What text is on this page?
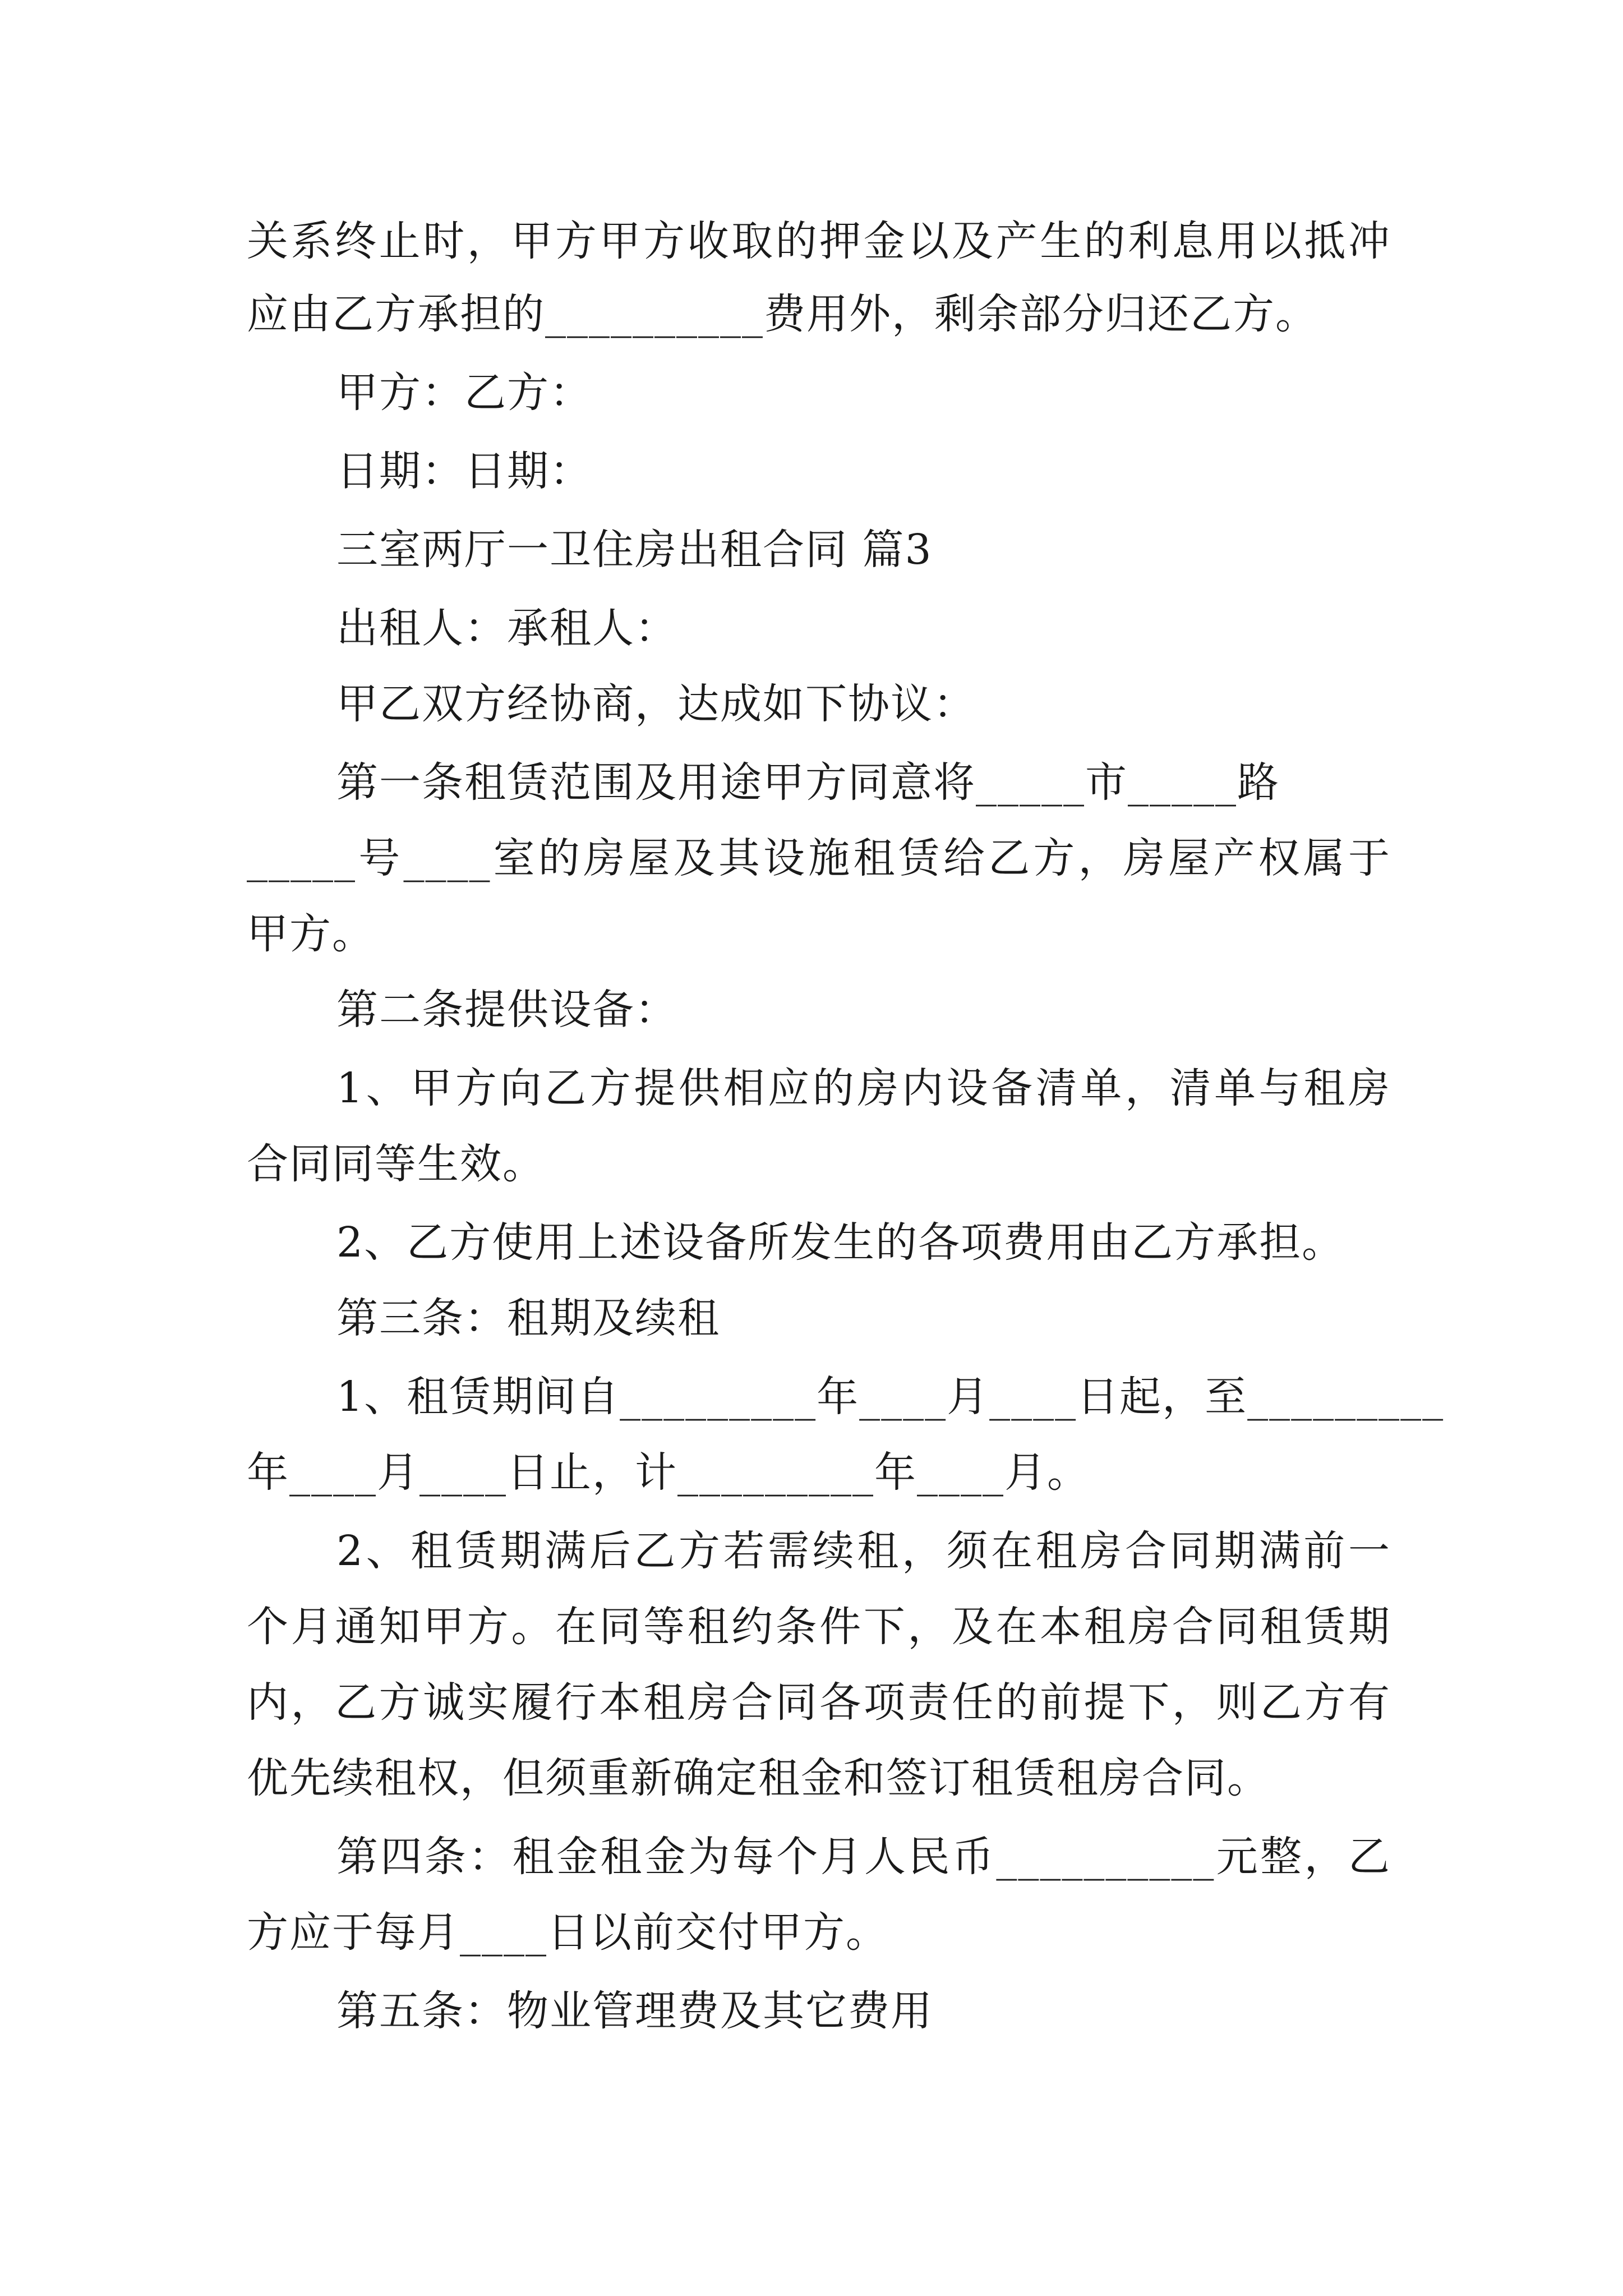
关系终止时，甲方甲方收取的押金以及产生的利息用以抵冲
应由乙方承担的__________费用外，剩余部分归还乙方。
甲方：乙方：
日期：日期：
三室两厅一卫住房出租合同 篇3
出租人：承租人：
甲乙双方经协商，达成如下协议：
第一条租赁范围及用途甲方同意将_____市_____路
_____号____室的房屋及其设施租赁给乙方，房屋产权属于
甲方。
第二条提供设备：
1、甲方向乙方提供相应的房内设备清单，清单与租房
合同同等生效。
2、乙方使用上述设备所发生的各项费用由乙方承担。
第三条：租期及续租
1、租赁期间自_________年____月____日起，至_________
年____月____日止，计_________年____月。
2、租赁期满后乙方若需续租，须在租房合同期满前一
个月通知甲方。在同等租约条件下，及在本租房合同租赁期
内，乙方诚实履行本租房合同各项责任的前提下，则乙方有
优先续租权，但须重新确定租金和签订租赁租房合同。
第四条：租金租金为每个月人民币__________元整，乙
方应于每月____日以前交付甲方。
第五条：物业管理费及其它费用
